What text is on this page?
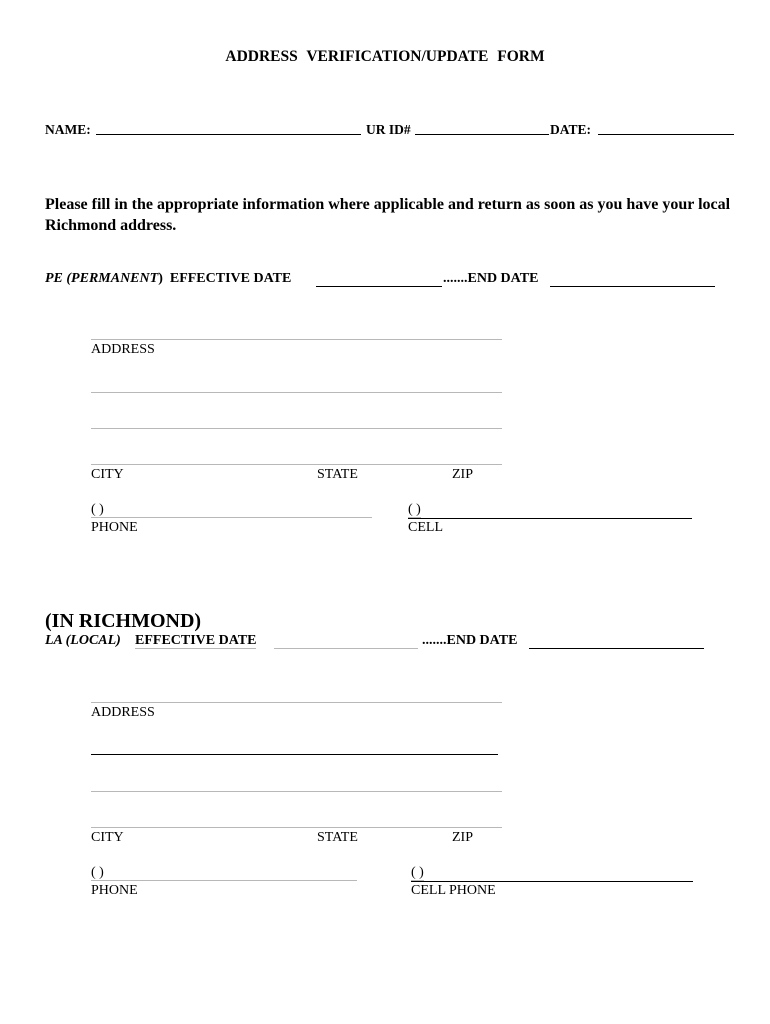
ADDRESS VERIFICATION/UPDATE FORM
NAME:	UR ID#	DATE:
Please fill in the appropriate information where applicable and return as soon as you have your local Richmond address.
PE (PERMANENT) EFFECTIVE DATE	.......END DATE
ADDRESS
CITY	STATE	ZIP
( )
PHONE
( )
CELL
(IN RICHMOND)
LA (LOCAL) EFFECTIVE DATE	.......END DATE
ADDRESS
CITY	STATE	ZIP
( )
PHONE
( )
CELL PHONE
